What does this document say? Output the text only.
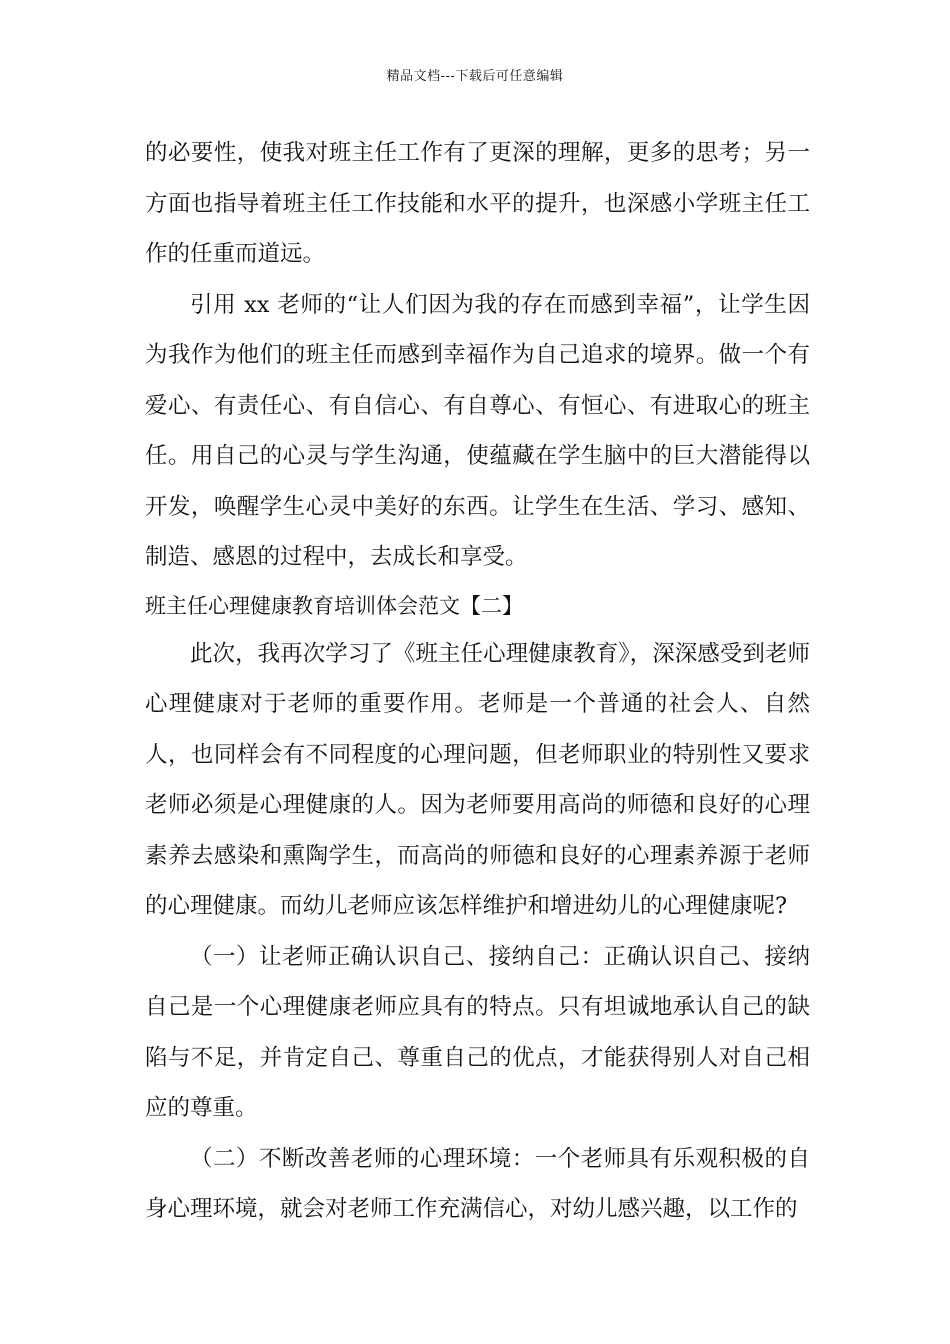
精品文档---下载后可任意编辑

的必要性，使我对班主任工作有了更深的理解，更多的思考；另一方面也指导着班主任工作技能和水平的提升，也深感小学班主任工作的任重而道远。

引用 xx 老师的“让人们因为我的存在而感到幸福”，让学生因为我作为他们的班主任而感到幸福作为自己追求的境界。做一个有爱心、有责任心、有自信心、有自尊心、有恒心、有进取心的班主任。用自己的心灵与学生沟通，使蕴藏在学生脑中的巨大潜能得以开发，唤醒学生心灵中美好的东西。让学生在生活、学习、感知、制造、感恩的过程中，去成长和享受。

班主任心理健康教育培训体会范文【二】

此次，我再次学习了《班主任心理健康教育》，深深感受到老师心理健康对于老师的重要作用。老师是一个普通的社会人、自然人，也同样会有不同程度的心理问题，但老师职业的特别性又要求老师必须是心理健康的人。因为老师要用高尚的师德和良好的心理素养去感染和熏陶学生，而高尚的师德和良好的心理素养源于老师的心理健康。而幼儿老师应该怎样维护和增进幼儿的心理健康呢?

（一）让老师正确认识自己、接纳自己：正确认识自己、接纳自己是一个心理健康老师应具有的特点。只有坦诚地承认自己的缺陷与不足，并肯定自己、尊重自己的优点，才能获得别人对自己相应的尊重。

（二）不断改善老师的心理环境：一个老师具有乐观积极的自身心理环境，就会对老师工作充满信心，对幼儿感兴趣，以工作的
